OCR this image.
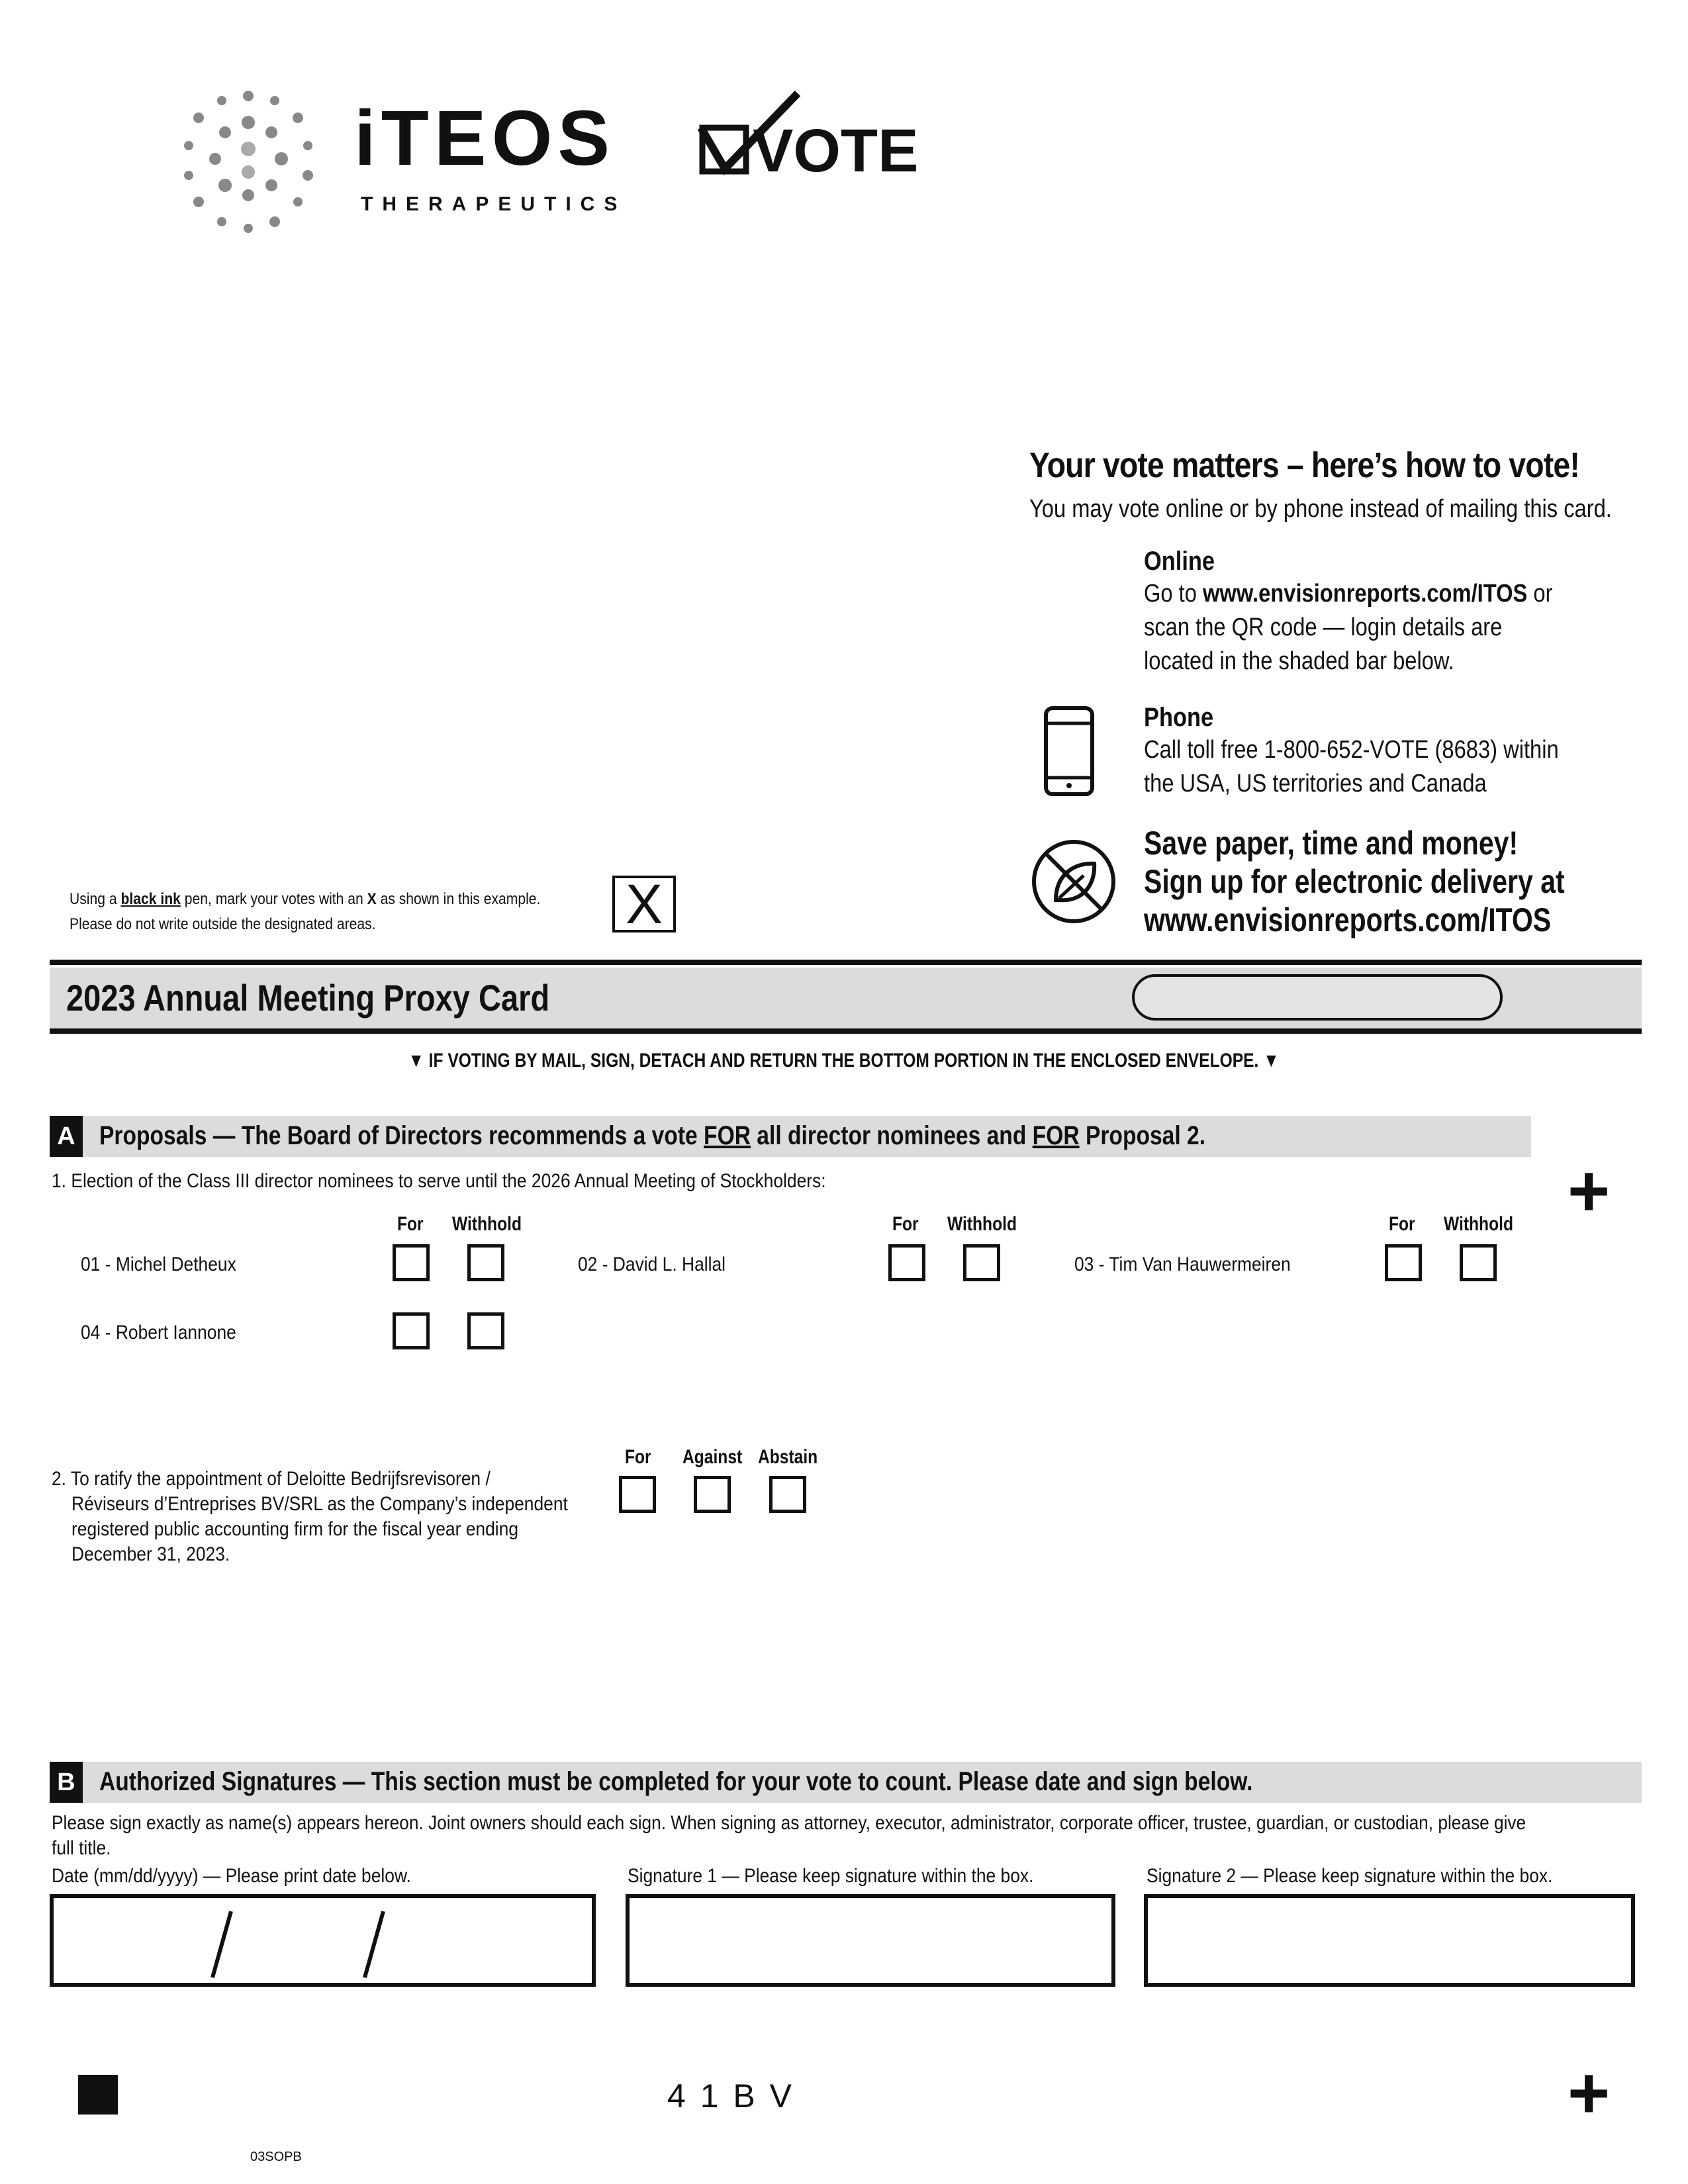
iTEOS
THERAPEUTICS
VOTE
Your vote matters – here’s how to vote!
You may vote online or by phone instead of mailing this card.
Online
Go to www.envisionreports.com/ITOS or
scan the QR code — login details are
located in the shaded bar below.
Phone
Call toll free 1-800-652-VOTE (8683) within
the USA, US territories and Canada
Save paper, time and money!
Sign up for electronic delivery at
www.envisionreports.com/ITOS
Using a black ink pen, mark your votes with an X as shown in this example.
Please do not write outside the designated areas.	X
2023 Annual Meeting Proxy Card
▼ IF VOTING BY MAIL, SIGN, DETACH AND RETURN THE BOTTOM PORTION IN THE ENCLOSED ENVELOPE. ▼
A Proposals — The Board of Directors recommends a vote FOR all director nominees and FOR Proposal 2.
1. Election of the Class III director nominees to serve until the 2026 Annual Meeting of Stockholders:	+
For Withhold	For Withhold	For Withhold
01 - Michel Detheux	02 - David L. Hallal	03 - Tim Van Hauwermeiren
04 - Robert Iannone
2. To ratify the appointment of Deloitte Bedrijfsrevisoren /
Réviseurs d’Entreprises BV/SRL as the Company’s independent
registered public accounting firm for the fiscal year ending
December 31, 2023.
For Against Abstain
B Authorized Signatures — This section must be completed for your vote to count. Please date and sign below.
Please sign exactly as name(s) appears hereon. Joint owners should each sign. When signing as attorney, executor, administrator, corporate officer, trustee, guardian, or custodian, please give
full title.
Date (mm/dd/yyyy) — Please print date below.	Signature 1 — Please keep signature within the box.	Signature 2 — Please keep signature within the box.
4 1 B V	+
03SOPB
